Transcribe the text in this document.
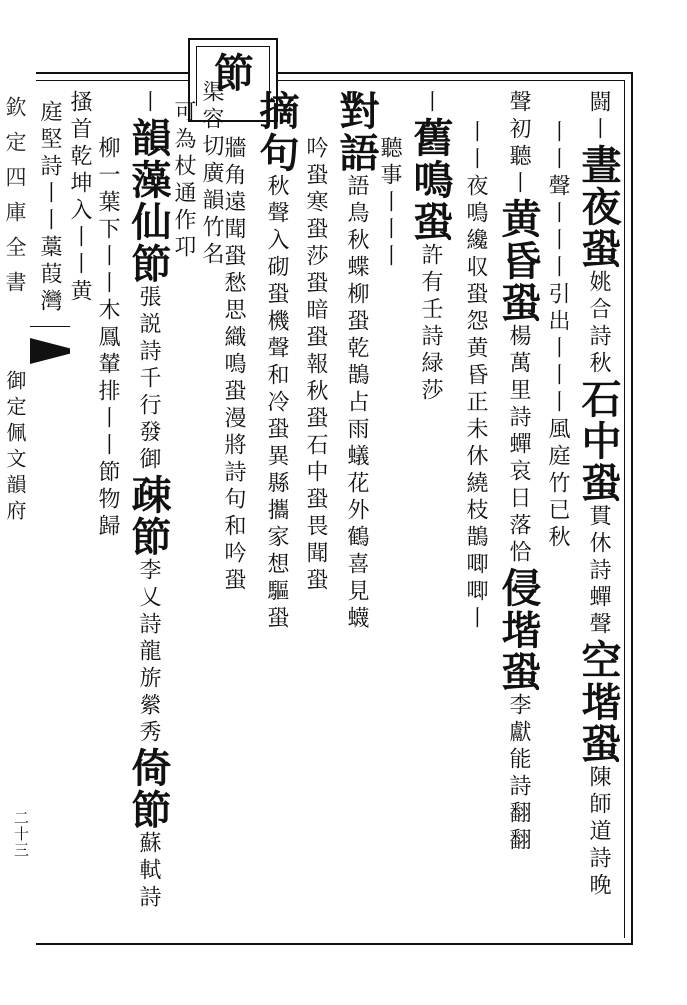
欽定四庫全書
御定佩文韻府
二十三
節
闘丨晝夜蛩姚合詩秋石中蛩貫休詩蟬聲空堦蛩陳師道詩晚
丨丨聲丨丨丨引出丨丨丨風庭竹已秋
聲初聽丨黄昏蛩楊萬里詩蟬哀日落恰侵堦蛩李獻能詩翻翻
丨丨夜鳴纔収蛩怨黄昏正未休繞枝鵲唧唧丨
丨舊鳴蛩許有壬詩緑莎
聽事丨丨丨
對語語鳥秋蝶柳蛩乾鵲占雨蟻花外鶴喜見蠛
吟蛩寒蛩莎蛩暗蛩報秋蛩石中蛩畏聞蛩
摘句秋聲入砌蛩機聲和冷蛩異縣攜家想驅蛩
牆角遠聞蛩愁思織鳴蛩漫將詩句和吟蛩
渠容切廣韻竹名
可為杖通作卭
丨韻藻仙節張説詩千行發御疎節李乂詩龍旂縈秀倚節蘇軾詩
柳一葉下丨丨木鳳輦排丨丨節物歸
搔首乾坤入丨丨黄
庭堅詩丨丨藁葭灣
